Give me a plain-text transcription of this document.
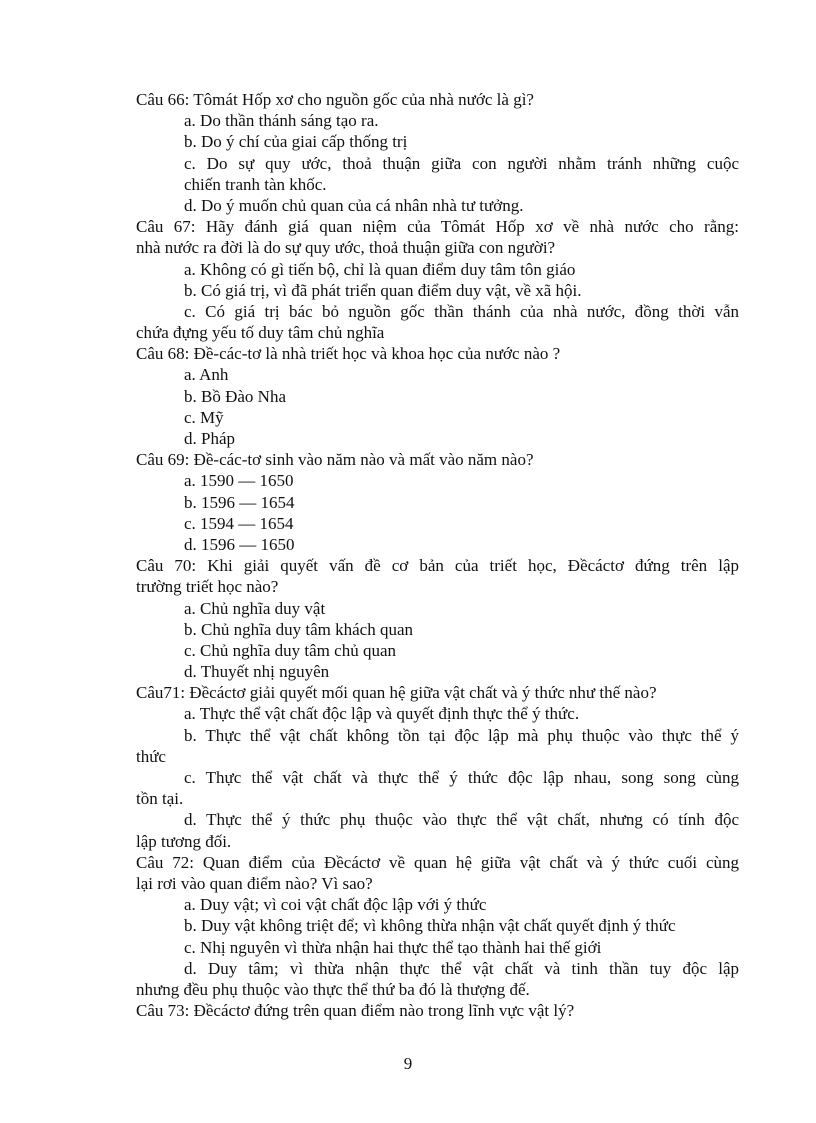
Câu 66: Tômát Hốp xơ cho nguồn gốc của nhà nước là gì?
a. Do thần thánh sáng tạo ra.
b. Do ý chí của giai cấp thống trị
c. Do sự quy ước, thoả thuận giữa con người nhằm tránh những cuộc
chiến tranh tàn khốc.
d. Do ý muốn chủ quan của cá nhân nhà tư tưởng.
Câu 67: Hãy đánh giá quan niệm của Tômát Hốp xơ về nhà nước cho rằng:
nhà nước ra đời là do sự quy ước, thoả thuận giữa con người?
a. Không có gì tiến bộ, chỉ là quan điểm duy tâm tôn giáo
b. Có giá trị, vì đã phát triển quan điểm duy vật, về xã hội.
c. Có giá trị bác bỏ nguồn gốc thần thánh của nhà nước, đồng thời vẫn
chứa đựng yếu tố duy tâm chủ nghĩa
Câu 68: Đề-các-tơ là nhà triết học và khoa học của nước nào ?
a. Anh
b. Bồ Đào Nha
c. Mỹ
d. Pháp
Câu 69: Đề-các-tơ sinh vào năm nào và mất vào năm nào?
a. 1590 — 1650
b. 1596 — 1654
c. 1594 — 1654
d. 1596 — 1650
Câu 70: Khi giải quyết vấn đề cơ bản của triết học, Đềcáctơ đứng trên lập
trường triết học nào?
a. Chủ nghĩa duy vật
b. Chủ nghĩa duy tâm khách quan
c. Chủ nghĩa duy tâm chủ quan
d. Thuyết nhị nguyên
Câu71: Đềcáctơ giải quyết mối quan hệ giữa vật chất và ý thức như thế nào?
a. Thực thể vật chất độc lập và quyết định thực thể ý thức.
b. Thực thể vật chất không tồn tại độc lập mà phụ thuộc vào thực thể ý
thức
c. Thực thể vật chất và thực thể ý thức độc lập nhau, song song cùng
tồn tại.
d. Thực thể ý thức phụ thuộc vào thực thể vật chất, nhưng có tính độc
lập tương đối.
Câu 72: Quan điểm của Đềcáctơ về quan hệ giữa vật chất và ý thức cuối cùng
lại rơi vào quan điểm nào? Vì sao?
a. Duy vật; vì coi vật chất độc lập với ý thức
b. Duy vật không triệt để; vì không thừa nhận vật chất quyết định ý thức
c. Nhị nguyên vì thừa nhận hai thực thể tạo thành hai thế giới
d. Duy tâm; vì thừa nhận thực thể vật chất và tinh thần tuy độc lập
nhưng đều phụ thuộc vào thực thể thứ ba đó là thượng đế.
Câu 73: Đềcáctơ đứng trên quan điểm nào trong lĩnh vực vật lý?
9
